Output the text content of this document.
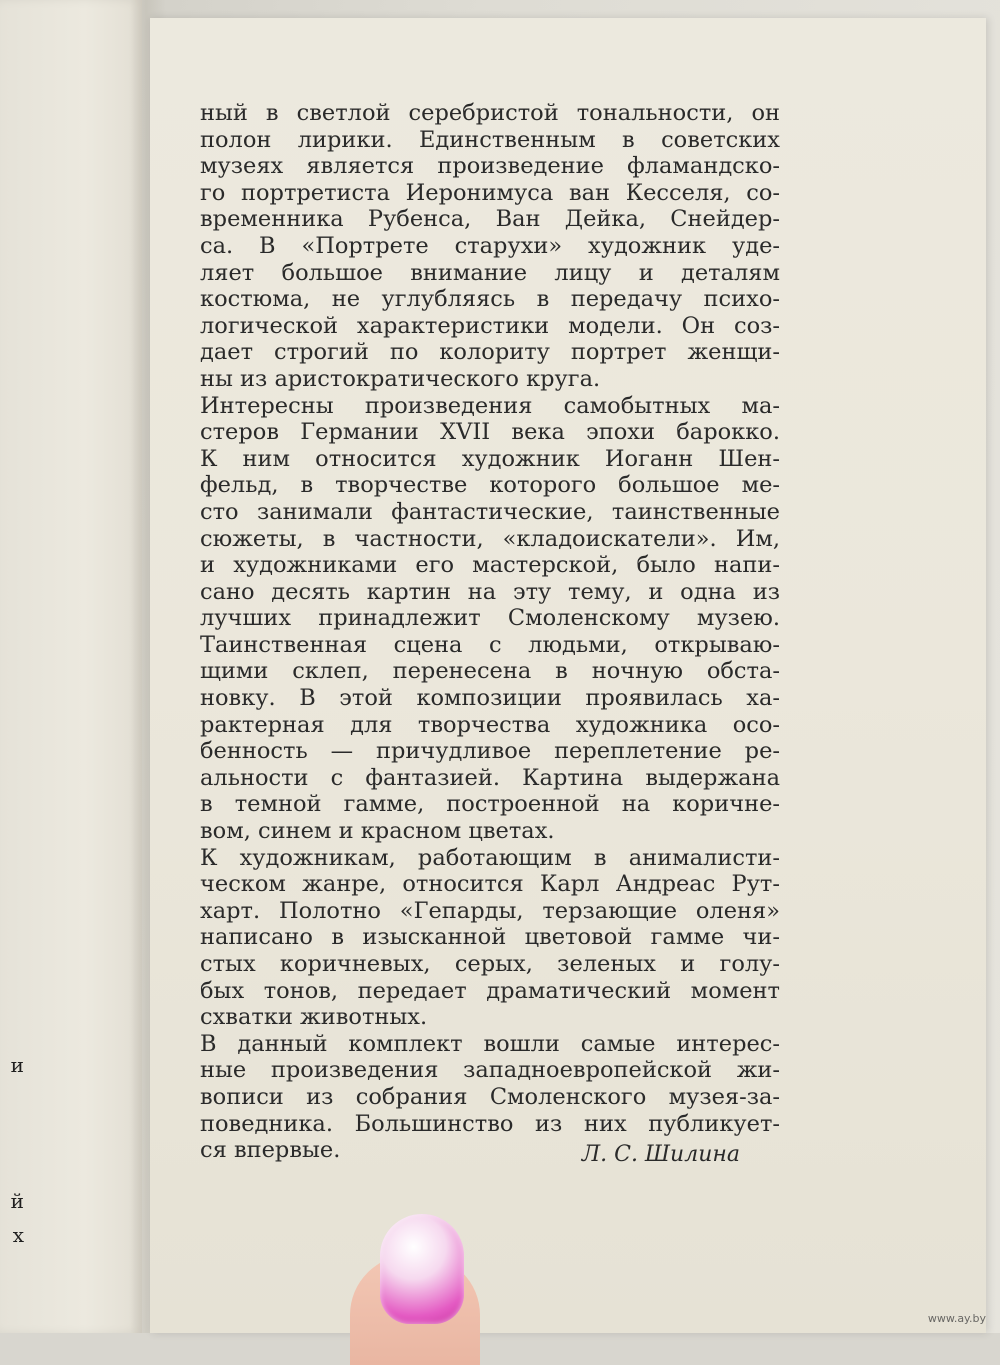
и
й
х
ный в светлой серебристой тональности, он
полон лирики. Единственным в советских
музеях является произведение фламандско-
го портретиста Иеронимуса ван Кесселя, со-
временника Рубенса, Ван Дейка, Снейдер-
са. В «Портрете старухи» художник уде-
ляет большое внимание лицу и деталям
костюма, не углубляясь в передачу психо-
логической характеристики модели. Он соз-
дает строгий по колориту портрет женщи-
ны из аристократического круга.
Интересны произведения самобытных ма-
стеров Германии XVII века эпохи барокко.
К ним относится художник Иоганн Шен-
фельд, в творчестве которого большое ме-
сто занимали фантастические, таинственные
сюжеты, в частности, «кладоискатели». Им,
и художниками его мастерской, было напи-
сано десять картин на эту тему, и одна из
лучших принадлежит Смоленскому музею.
Таинственная сцена с людьми, открываю-
щими склеп, перенесена в ночную обста-
новку. В этой композиции проявилась ха-
рактерная для творчества художника осо-
бенность — причудливое переплетение ре-
альности с фантазией. Картина выдержана
в темной гамме, построенной на коричне-
вом, синем и красном цветах.
К художникам, работающим в анималисти-
ческом жанре, относится Карл Андреас Рут-
харт. Полотно «Гепарды, терзающие оленя»
написано в изысканной цветовой гамме чи-
стых коричневых, серых, зеленых и голу-
бых тонов, передает драматический момент
схватки животных.
В данный комплект вошли самые интерес-
ные произведения западноевропейской жи-
вописи из собрания Смоленского музея-за-
поведника. Большинство из них публикует-
ся впервые.	Л. С. Шилина
www.ay.by
